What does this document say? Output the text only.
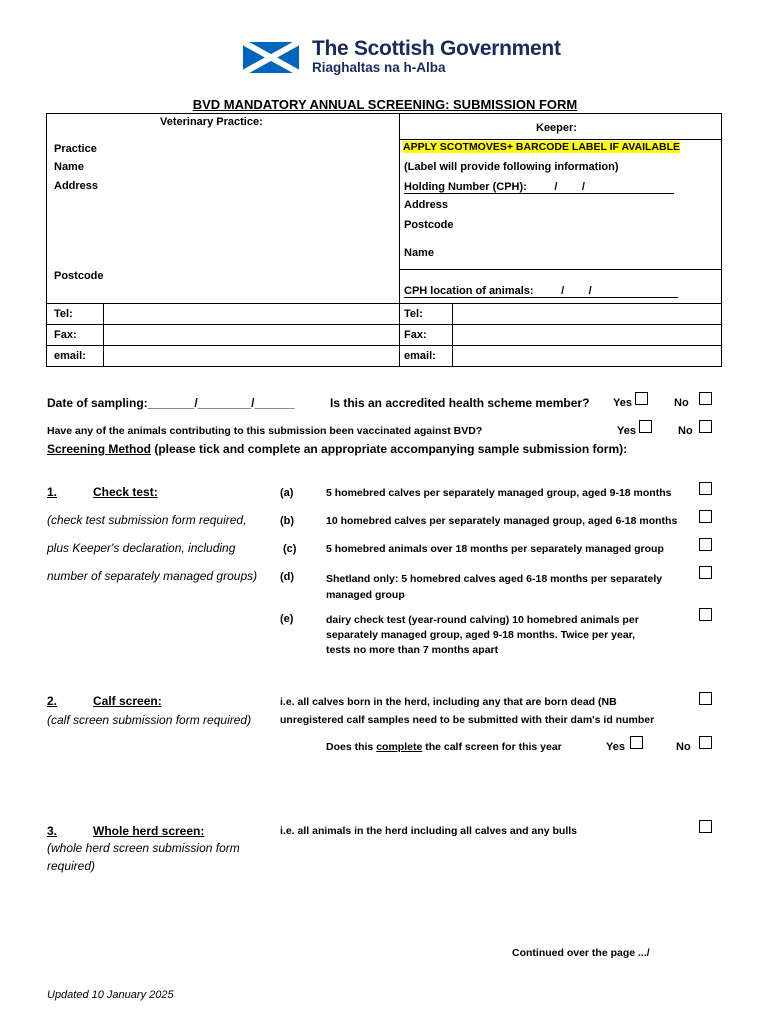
The Scottish Government
Riaghaltas na h-Alba
BVD MANDATORY ANNUAL SCREENING: SUBMISSION FORM
Veterinary Practice:
Practice
Name
Address
Postcode
Keeper:
APPLY SCOTMOVES+ BARCODE LABEL IF AVAILABLE
(Label will provide following information)
Holding Number (CPH):         /        /
Address
Postcode
Name
CPH location of animals:         /        /
Tel:
Fax:
email:
Tel:
Fax:
email:
Date of sampling:_______/________/______	Is this an accredited health scheme member? Yes	No
Have any of the animals contributing to this submission been vaccinated against BVD?	Yes	No
Screening Method (please tick and complete an appropriate accompanying sample submission form):
1.	Check test:
(check test submission form required,
plus Keeper's declaration, including
number of separately managed groups)
(a)	5 homebred calves per separately managed group, aged 9-18 months
(b)	10 homebred calves per separately managed group, aged 6-18 months
(c)	5 homebred animals over 18 months per separately managed group
(d)	Shetland only: 5 homebred calves aged 6-18 months per separately managed group
(e)	dairy check test (year-round calving) 10 homebred animals per separately managed group, aged 9-18 months. Twice per year, tests no more than 7 months apart
2.	Calf screen:
(calf screen submission form required)
i.e. all calves born in the herd, including any that are born dead (NB
unregistered calf samples need to be submitted with their dam's id number
Does this complete the calf screen for this year	Yes	No
3.	Whole herd screen:
(whole herd screen submission form
required)
i.e. all animals in the herd including all calves and any bulls
Continued over the page .../
Updated 10 January 2025
